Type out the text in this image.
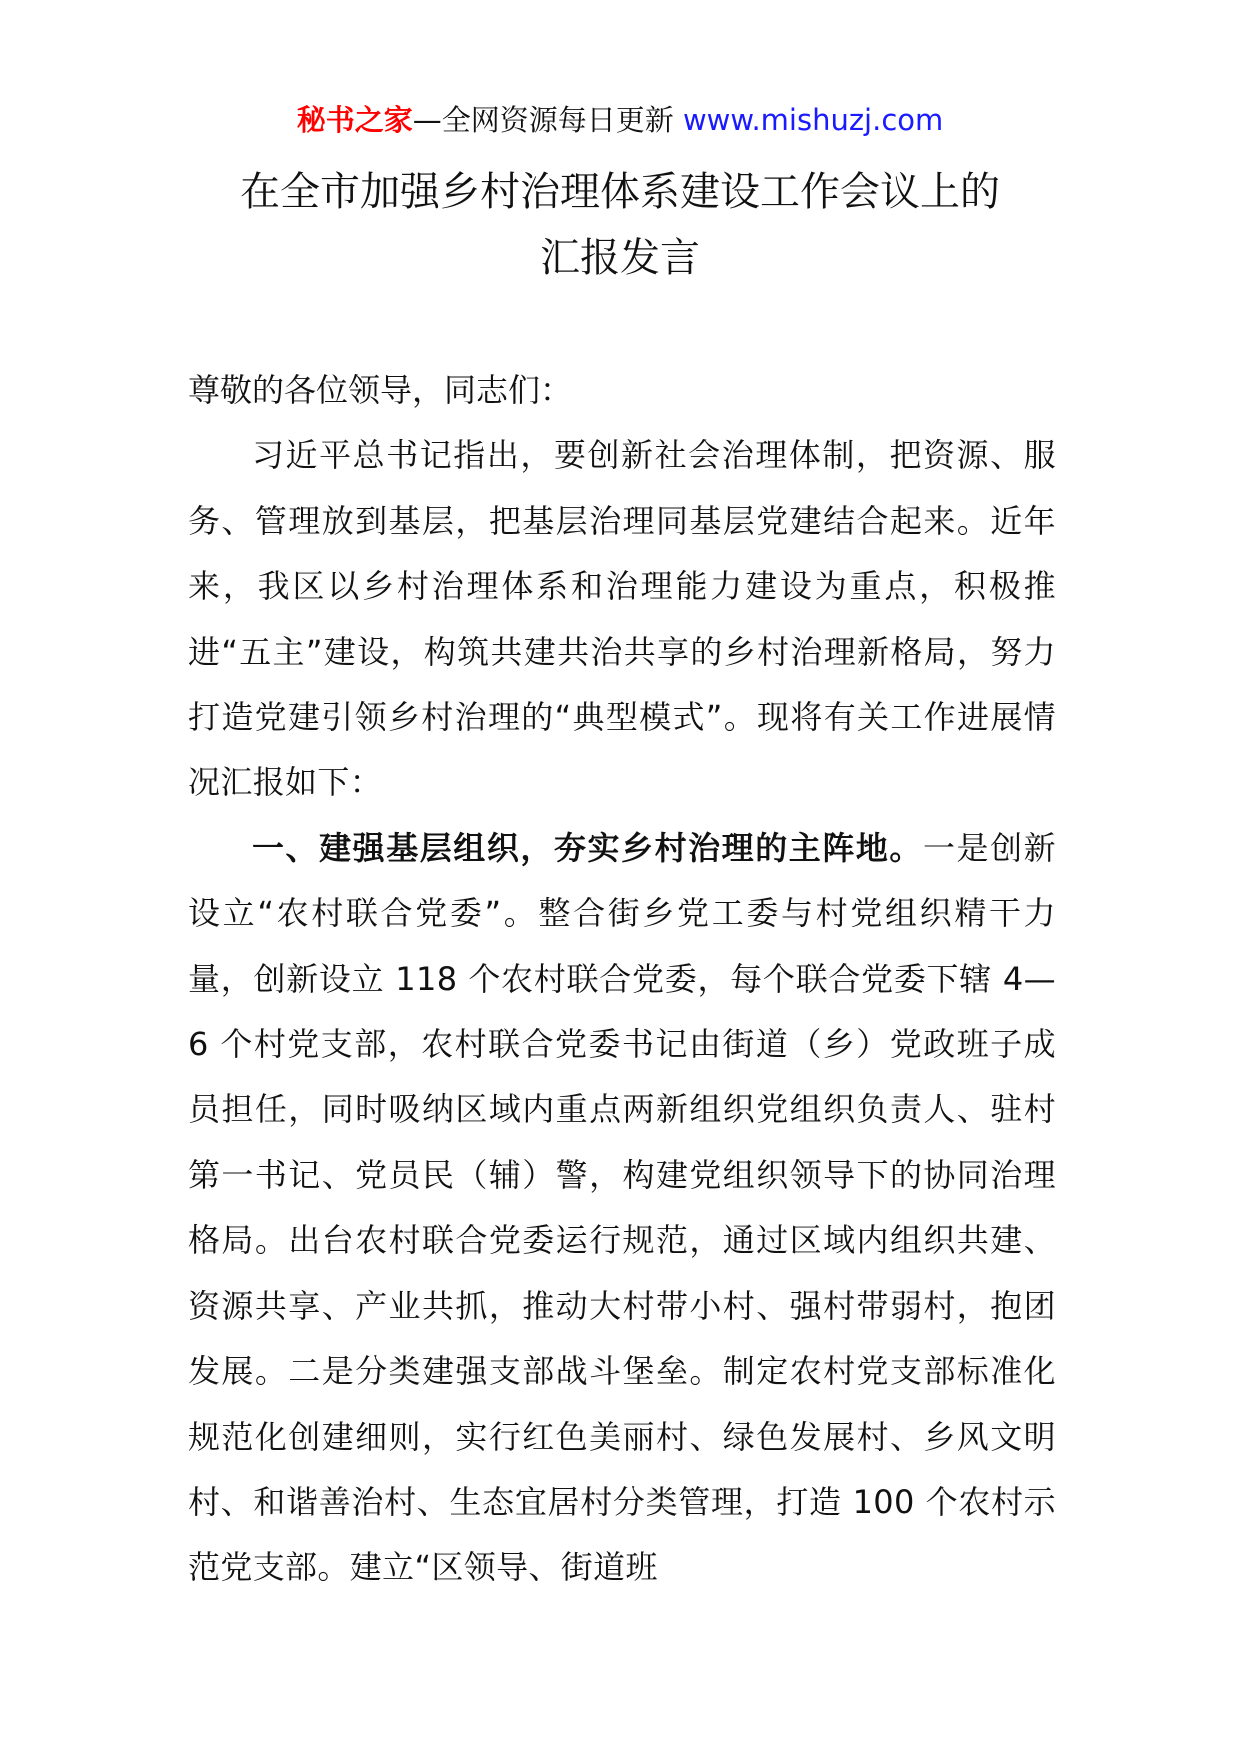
秘书之家—全网资源每日更新 www.mishuzj.com
在全市加强乡村治理体系建设工作会议上的
汇报发言

尊敬的各位领导，同志们：

习近平总书记指出，要创新社会治理体制，把资源、服务、管理放到基层，把基层治理同基层党建结合起来。近年来，我区以乡村治理体系和治理能力建设为重点，积极推进“五主”建设，构筑共建共治共享的乡村治理新格局，努力打造党建引领乡村治理的“典型模式”。现将有关工作进展情况汇报如下：

一、建强基层组织，夯实乡村治理的主阵地。一是创新设立“农村联合党委”。整合街乡党工委与村党组织精干力量，创新设立 118 个农村联合党委，每个联合党委下辖 4—6 个村党支部，农村联合党委书记由街道（乡）党政班子成员担任，同时吸纳区域内重点两新组织党组织负责人、驻村第一书记、党员民（辅）警，构建党组织领导下的协同治理格局。出台农村联合党委运行规范，通过区域内组织共建、资源共享、产业共抓，推动大村带小村、强村带弱村，抱团发展。二是分类建强支部战斗堡垒。制定农村党支部标准化规范化创建细则，实行红色美丽村、绿色发展村、乡风文明村、和谐善治村、生态宜居村分类管理，打造 100 个农村示范党支部。建立“区领导、街道班
